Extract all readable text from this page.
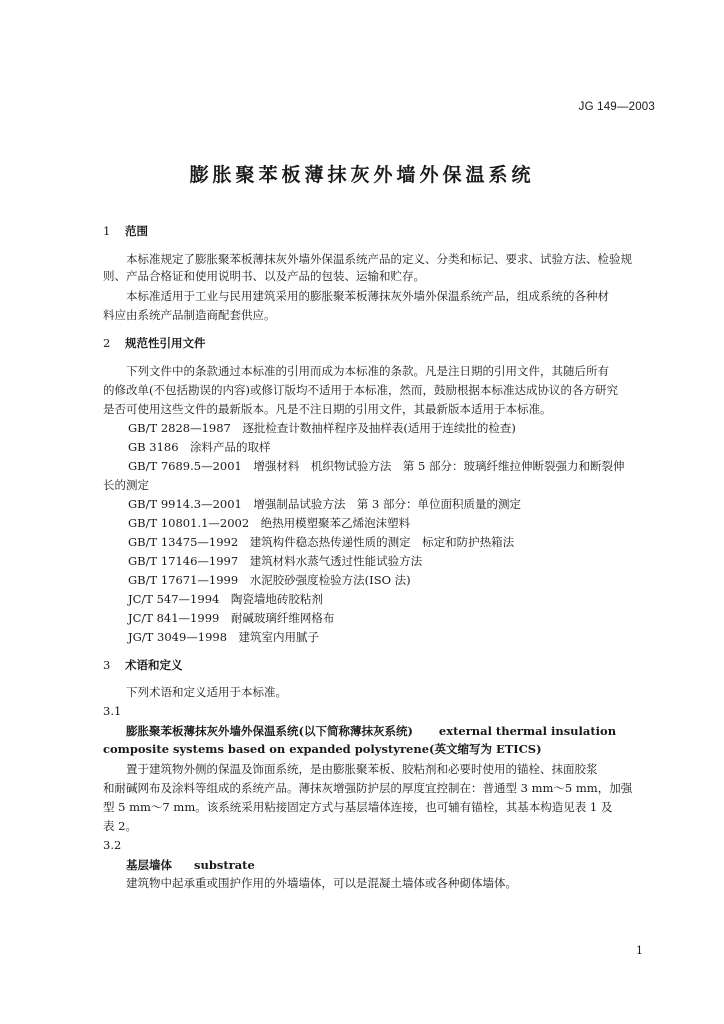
JG 149—2003
膨胀聚苯板薄抹灰外墙外保温系统
1 范围
本标准规定了膨胀聚苯板薄抹灰外墙外保温系统产品的定义、分类和标记、要求、试验方法、检验规
则、产品合格证和使用说明书、以及产品的包装、运输和贮存。
本标准适用于工业与民用建筑采用的膨胀聚苯板薄抹灰外墙外保温系统产品，组成系统的各种材
料应由系统产品制造商配套供应。
2 规范性引用文件
下列文件中的条款通过本标准的引用而成为本标准的条款。凡是注日期的引用文件，其随后所有
的修改单(不包括勘误的内容)或修订版均不适用于本标准，然而，鼓励根据本标准达成协议的各方研究
是否可使用这些文件的最新版本。凡是不注日期的引用文件，其最新版本适用于本标准。
GB/T 2828—1987　逐批检查计数抽样程序及抽样表(适用于连续批的检查)
GB 3186　涂料产品的取样
GB/T 7689.5—2001　增强材料　机织物试验方法　第 5 部分：玻璃纤维拉伸断裂强力和断裂伸
长的测定
GB/T 9914.3—2001　增强制品试验方法　第 3 部分：单位面积质量的测定
GB/T 10801.1—2002　绝热用模塑聚苯乙烯泡沫塑料
GB/T 13475—1992　建筑构件稳态热传递性质的测定　标定和防护热箱法
GB/T 17146—1997　建筑材料水蒸气透过性能试验方法
GB/T 17671—1999　水泥胶砂强度检验方法(ISO 法)
JC/T 547—1994　陶瓷墙地砖胶粘剂
JC/T 841—1999　耐碱玻璃纤维网格布
JG/T 3049—1998　建筑室内用腻子
3 术语和定义
下列术语和定义适用于本标准。
3.1
膨胀聚苯板薄抹灰外墙外保温系统(以下简称薄抹灰系统) external thermal insulation
composite systems based on expanded polystyrene(英文缩写为 ETICS)
置于建筑物外侧的保温及饰面系统，是由膨胀聚苯板、胶粘剂和必要时使用的锚栓、抹面胶浆
和耐碱网布及涂料等组成的系统产品。薄抹灰增强防护层的厚度宜控制在：普通型 3 mm～5 mm，加强
型 5 mm～7 mm。该系统采用粘接固定方式与基层墙体连接，也可辅有锚栓，其基本构造见表 1 及
表 2。
3.2
基层墙体 substrate
建筑物中起承重或围护作用的外墙墙体，可以是混凝土墙体或各种砌体墙体。
1
